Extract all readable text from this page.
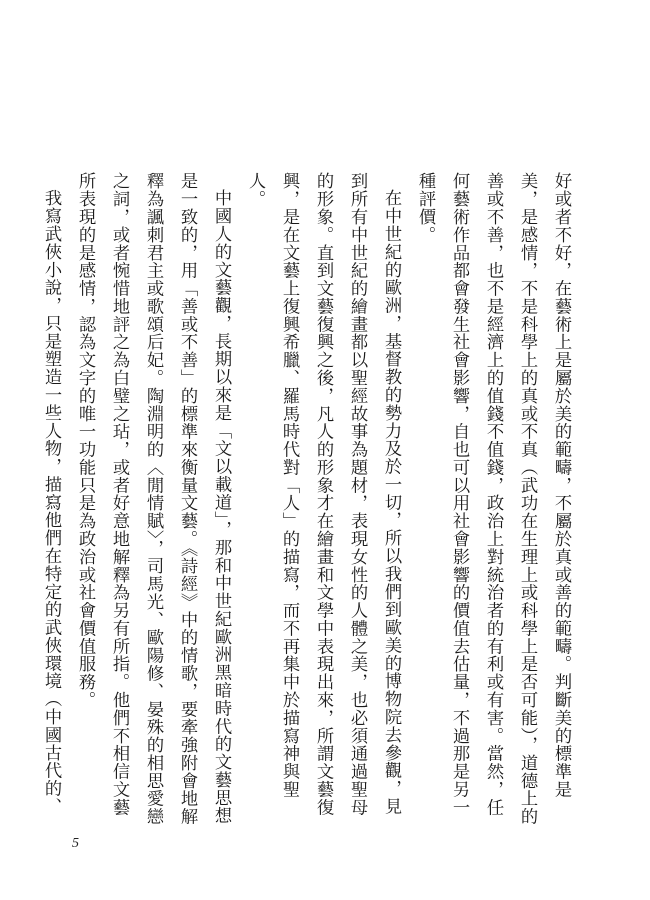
好或者不好，在藝術上是屬於美的範疇，不屬於真或善的範疇。判斷美的標準是美，是感情，不是科學上的真或不真（武功在生理上或科學上是否可能），道德上的善或不善，也不是經濟上的值錢不值錢，政治上對統治者的有利或有害。當然，任何藝術作品都會發生社會影響，自也可以用社會影響的價值去估量，不過那是另一種評價。

在中世紀的歐洲，基督教的勢力及於一切，所以我們到歐美的博物院去參觀，見到所有中世紀的繪畫都以聖經故事為題材，表現女性的人體之美，也必須通過聖母的形象。直到文藝復興之後，凡人的形象才在繪畫和文學中表現出來，所謂文藝復興，是在文藝上復興希臘、羅馬時代對「人」的描寫，而不再集中於描寫神與聖人。

中國人的文藝觀，長期以來是「文以載道」，那和中世紀歐洲黑暗時代的文藝思想是一致的，用「善或不善」的標準來衡量文藝。《詩經》中的情歌，要牽強附會地解釋為諷刺君主或歌頌后妃。陶淵明的〈閒情賦〉，司馬光、歐陽修、晏殊的相思愛戀之詞，或者惋惜地評之為白璧之玷，或者好意地解釋為另有所指。他們不相信文藝所表現的是感情，認為文字的唯一功能只是為政治或社會價值服務。

我寫武俠小說，只是塑造一些人物，描寫他們在特定的武俠環境（中國古代的、

5
